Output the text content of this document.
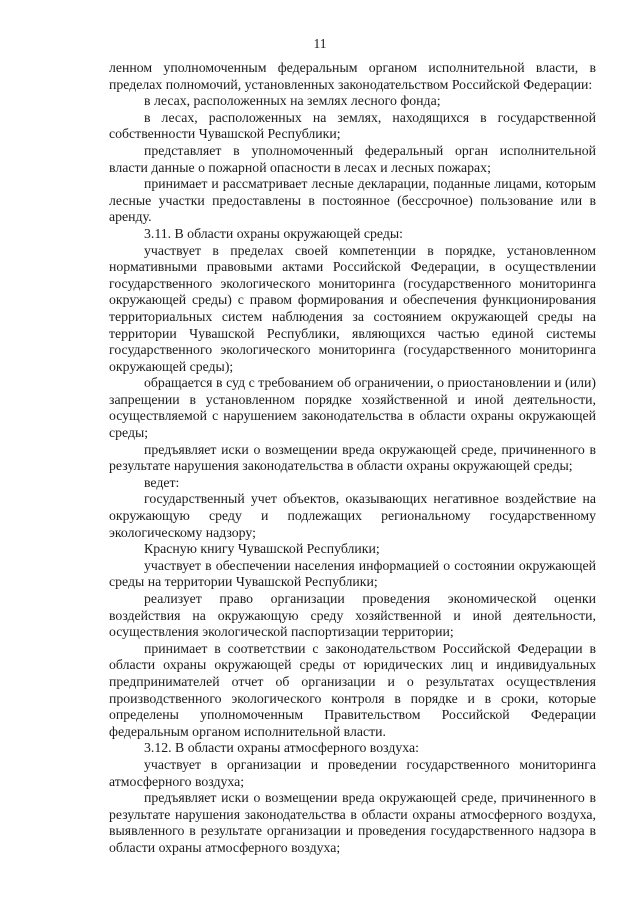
11

ленном уполномоченным федеральным органом исполнительной власти, в пределах полномочий, установленных законодательством Российской Федерации:

в лесах, расположенных на землях лесного фонда;

в лесах, расположенных на землях, находящихся в государственной собственности Чувашской Республики;

представляет в уполномоченный федеральный орган исполнительной власти данные о пожарной опасности в лесах и лесных пожарах;

принимает и рассматривает лесные декларации, поданные лицами, которым лесные участки предоставлены в постоянное (бессрочное) пользование или в аренду.

3.11. В области охраны окружающей среды:

участвует в пределах своей компетенции в порядке, установленном нормативными правовыми актами Российской Федерации, в осуществлении государственного экологического мониторинга (государственного мониторинга окружающей среды) с правом формирования и обеспечения функционирования территориальных систем наблюдения за состоянием окружающей среды на территории Чувашской Республики, являющихся частью единой системы государственного экологического мониторинга (государственного мониторинга окружающей среды);

обращается в суд с требованием об ограничении, о приостановлении и (или) запрещении в установленном порядке хозяйственной и иной деятельности, осуществляемой с нарушением законодательства в области охраны окружающей среды;

предъявляет иски о возмещении вреда окружающей среде, причиненного в результате нарушения законодательства в области охраны окружающей среды;

ведет:

государственный учет объектов, оказывающих негативное воздействие на окружающую среду и подлежащих региональному государственному экологическому надзору;

Красную книгу Чувашской Республики;

участвует в обеспечении населения информацией о состоянии окружающей среды на территории Чувашской Республики;

реализует право организации проведения экономической оценки воздействия на окружающую среду хозяйственной и иной деятельности, осуществления экологической паспортизации территории;

принимает в соответствии с законодательством Российской Федерации в области охраны окружающей среды от юридических лиц и индивидуальных предпринимателей отчет об организации и о результатах осуществления производственного экологического контроля в порядке и в сроки, которые определены уполномоченным Правительством Российской Федерации федеральным органом исполнительной власти.

3.12. В области охраны атмосферного воздуха:

участвует в организации и проведении государственного мониторинга атмосферного воздуха;

предъявляет иски о возмещении вреда окружающей среде, причиненного в результате нарушения законодательства в области охраны атмосферного воздуха, выявленного в результате организации и проведения государственного надзора в области охраны атмосферного воздуха;
